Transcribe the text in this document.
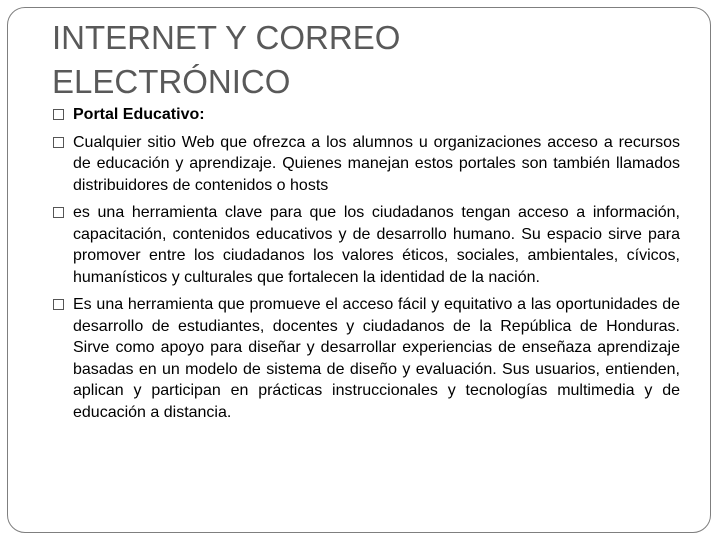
INTERNET Y CORREO
ELECTRÓNICO
Portal Educativo:
Cualquier sitio Web que ofrezca a los alumnos u organizaciones acceso a recursos de educación y aprendizaje. Quienes manejan estos portales son también llamados distribuidores de contenidos o hosts
es una herramienta clave para que los ciudadanos tengan acceso a información, capacitación, contenidos educativos y de desarrollo humano. Su espacio sirve para promover entre los ciudadanos los valores éticos, sociales, ambientales, cívicos, humanísticos y culturales que fortalecen la identidad de la nación.
Es una herramienta que promueve el acceso fácil y equitativo a las oportunidades de desarrollo de estudiantes, docentes y ciudadanos de la República de Honduras. Sirve como apoyo para diseñar y desarrollar experiencias de enseñaza aprendizaje basadas en un modelo de sistema de diseño y evaluación. Sus usuarios, entienden, aplican y participan en prácticas instruccionales y tecnologías multimedia y de educación a distancia.
